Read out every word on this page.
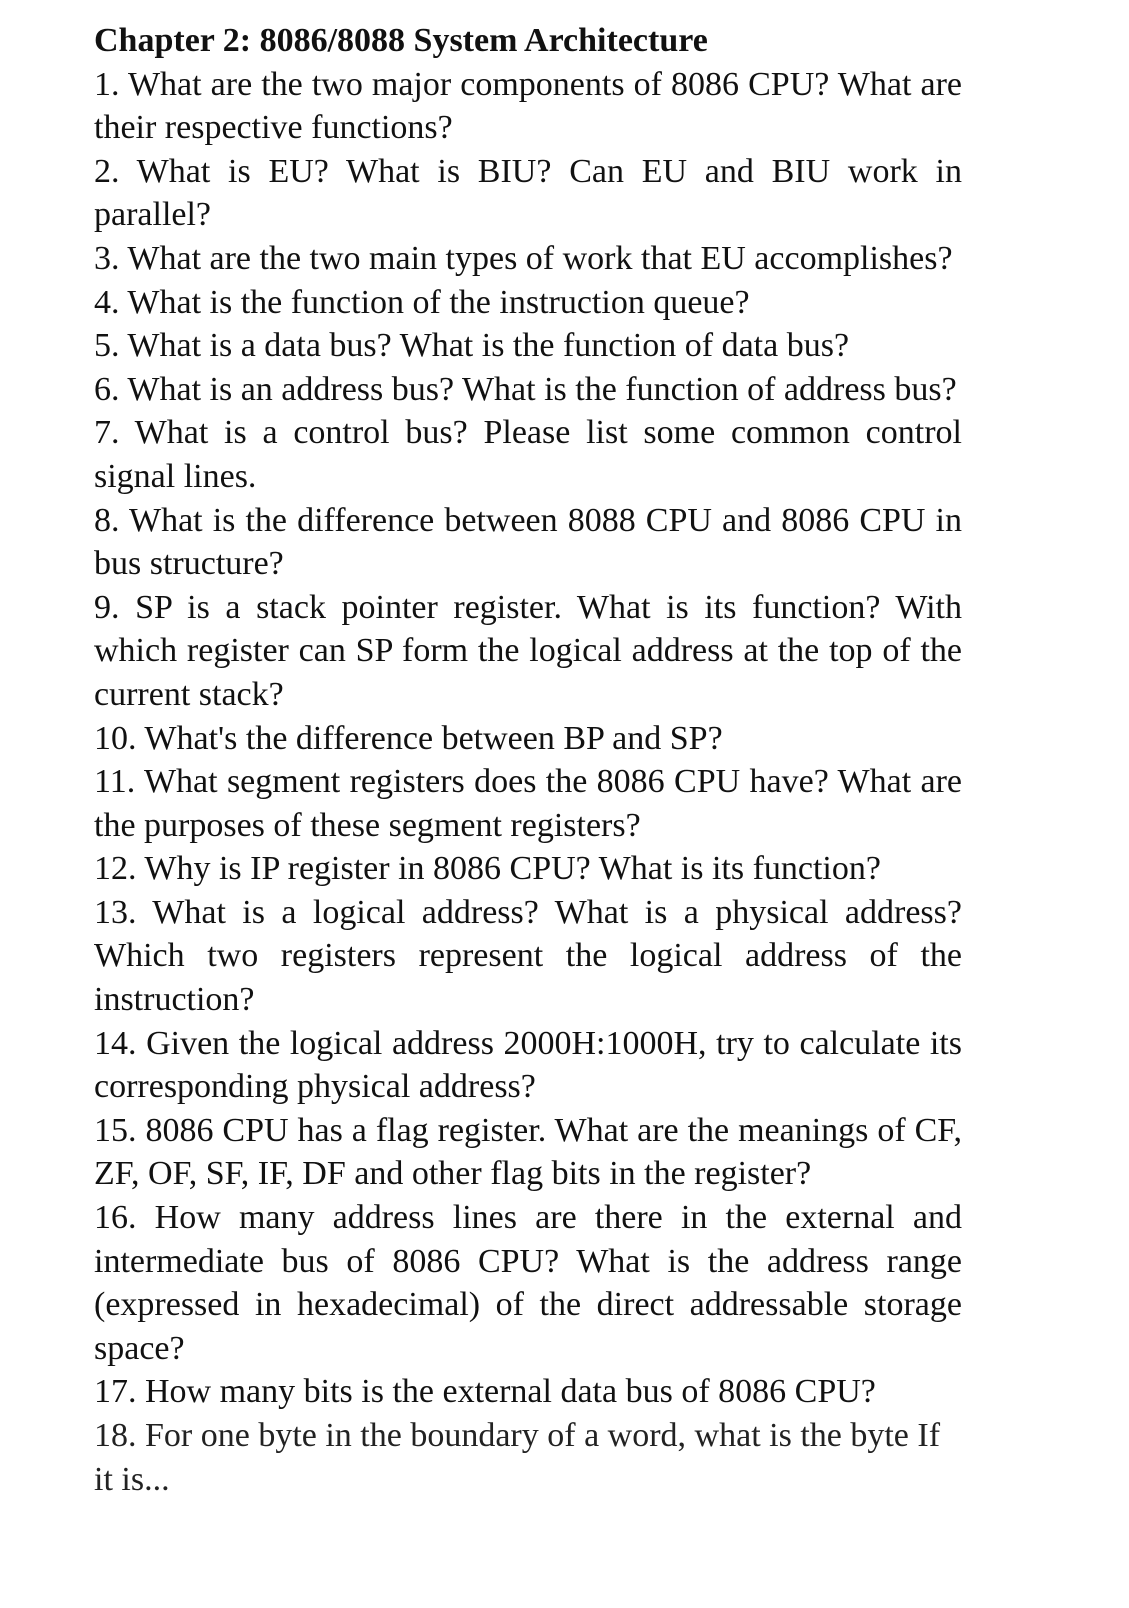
Chapter 2: 8086/8088 System Architecture

1. What are the two major components of 8086 CPU? What are their respective functions?

2. What is EU? What is BIU? Can EU and BIU work in parallel?

3. What are the two main types of work that EU accomplishes?

4. What is the function of the instruction queue?

5. What is a data bus? What is the function of data bus?

6. What is an address bus? What is the function of address bus?

7. What is a control bus? Please list some common control signal lines.

8. What is the difference between 8088 CPU and 8086 CPU in bus structure?

9. SP is a stack pointer register. What is its function? With which register can SP form the logical address at the top of the current stack?

10. What's the difference between BP and SP?

11. What segment registers does the 8086 CPU have? What are the purposes of these segment registers?

12. Why is IP register in 8086 CPU? What is its function?

13. What is a logical address? What is a physical address? Which two registers represent the logical address of the instruction?

14. Given the logical address 2000H:1000H, try to calculate its corresponding physical address?

15. 8086 CPU has a flag register. What are the meanings of CF, ZF, OF, SF, IF, DF and other flag bits in the register?

16. How many address lines are there in the external and intermediate bus of 8086 CPU? What is the address range (expressed in hexadecimal) of the direct addressable storage space?

17. How many bits is the external data bus of 8086 CPU?

18. For one byte in the boundary of a word, what is the byte If it is...
